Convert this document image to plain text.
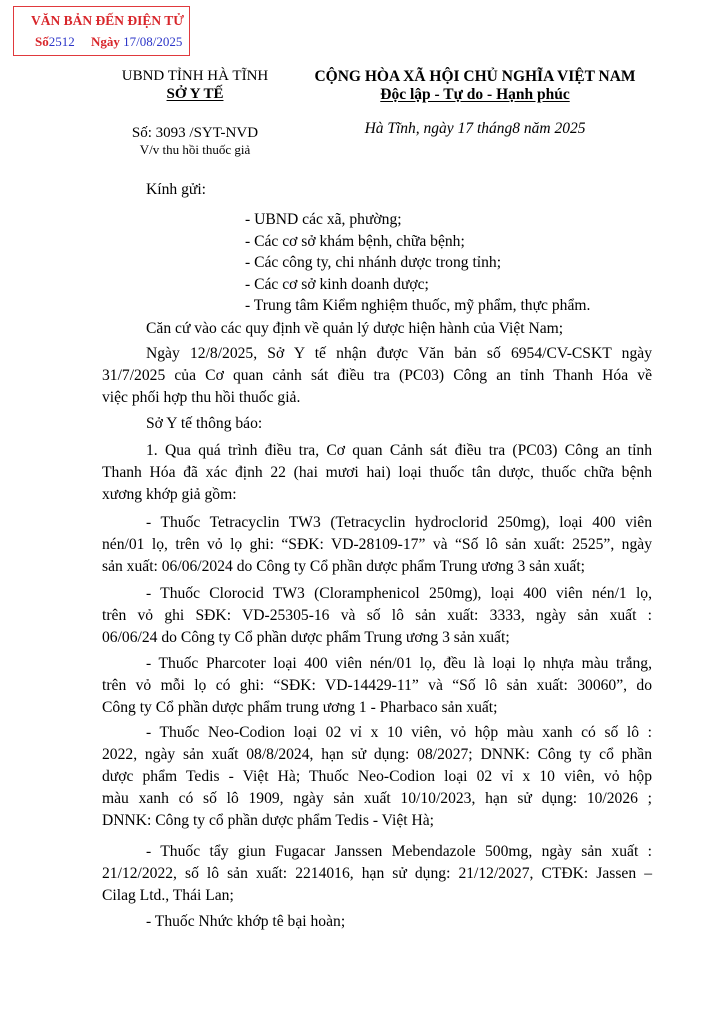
VĂN BẢN ĐẾN ĐIỆN TỬ
Số2512 Ngày 17/08/2025
UBND TỈNH HÀ TĨNH
SỞ Y TẾ
Số: 3093 /SYT-NVD
V/v thu hồi thuốc giả
CỘNG HÒA XÃ HỘI CHỦ NGHĨA VIỆT NAM
Độc lập - Tự do - Hạnh phúc
Hà Tĩnh, ngày 17 tháng8 năm 2025
Kính gửi:
- UBND các xã, phường;
- Các cơ sở khám bệnh, chữa bệnh;
- Các công ty, chi nhánh dược trong tỉnh;
- Các cơ sở kinh doanh dược;
- Trung tâm Kiểm nghiệm thuốc, mỹ phẩm, thực phẩm.
Căn cứ vào các quy định về quản lý dược hiện hành của Việt Nam;
Ngày 12/8/2025, Sở Y tế nhận được Văn bản số 6954/CV-CSKT ngày
31/7/2025 của Cơ quan cảnh sát điều tra (PC03) Công an tỉnh Thanh Hóa về
việc phối hợp thu hồi thuốc giả.
Sở Y tế thông báo:
1. Qua quá trình điều tra, Cơ quan Cảnh sát điều tra (PC03) Công an tỉnh
Thanh Hóa đã xác định 22 (hai mươi hai) loại thuốc tân dược, thuốc chữa bệnh
xương khớp giả gồm:
- Thuốc Tetracyclin TW3 (Tetracyclin hydroclorid 250mg), loại 400 viên
nén/01 lọ, trên vỏ lọ ghi: “SĐK: VD-28109-17” và “Số lô sản xuất: 2525”, ngày
sản xuất: 06/06/2024 do Công ty Cổ phần dược phẩm Trung ương 3 sản xuất;
- Thuốc Clorocid TW3 (Cloramphenicol 250mg), loại 400 viên nén/1 lọ,
trên vỏ ghi SĐK: VD-25305-16 và số lô sản xuất: 3333, ngày sản xuất :
06/06/24 do Công ty Cổ phần dược phẩm Trung ương 3 sản xuất;
- Thuốc Pharcoter loại 400 viên nén/01 lọ, đều là loại lọ nhựa màu trắng,
trên vỏ mỗi lọ có ghi: “SĐK: VD-14429-11” và “Số lô sản xuất: 30060”, do
Công ty Cổ phần dược phẩm trung ương 1 - Pharbaco sản xuất;
- Thuốc Neo-Codion loại 02 vỉ x 10 viên, vỏ hộp màu xanh có số lô :
2022, ngày sản xuất 08/8/2024, hạn sử dụng: 08/2027; DNNK: Công ty cổ phần
dược phẩm Tedis - Việt Hà; Thuốc Neo-Codion loại 02 vỉ x 10 viên, vỏ hộp
màu xanh có số lô 1909, ngày sản xuất 10/10/2023, hạn sử dụng: 10/2026 ;
DNNK: Công ty cổ phần dược phẩm Tedis - Việt Hà;
- Thuốc tẩy giun Fugacar Janssen Mebendazole 500mg, ngày sản xuất :
21/12/2022, số lô sản xuất: 2214016, hạn sử dụng: 21/12/2027, CTĐK: Jassen –
Cilag Ltd., Thái Lan;
- Thuốc Nhức khớp tê bại hoàn;
